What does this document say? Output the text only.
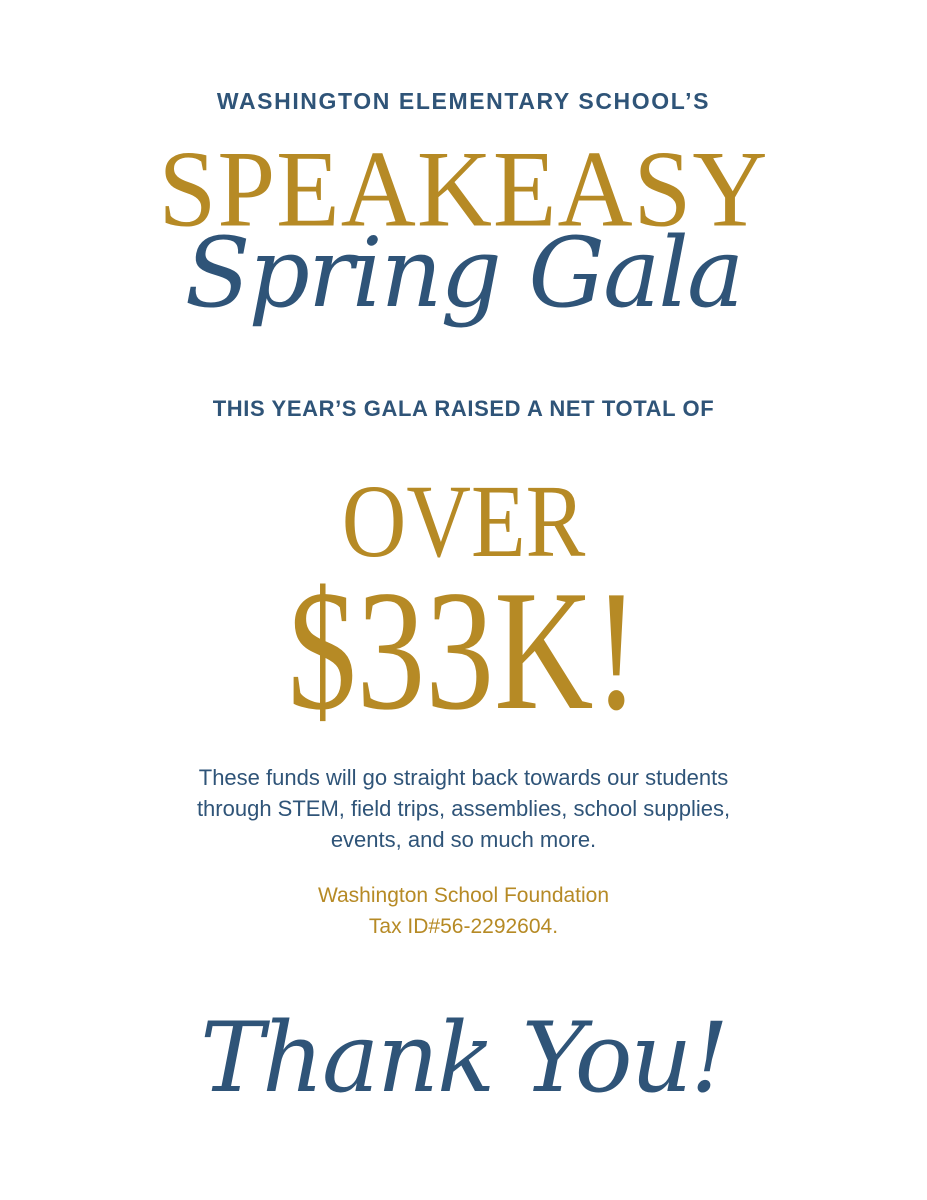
WASHINGTON ELEMENTARY SCHOOL’S
SPEAKEASY
Spring Gala
THIS YEAR’S GALA RAISED A NET TOTAL OF
OVER
$33K!
These funds will go straight back towards our students
through STEM, field trips, assemblies, school supplies,
events, and so much more.
Washington School Foundation
Tax ID#56-2292604.
Thank You!
